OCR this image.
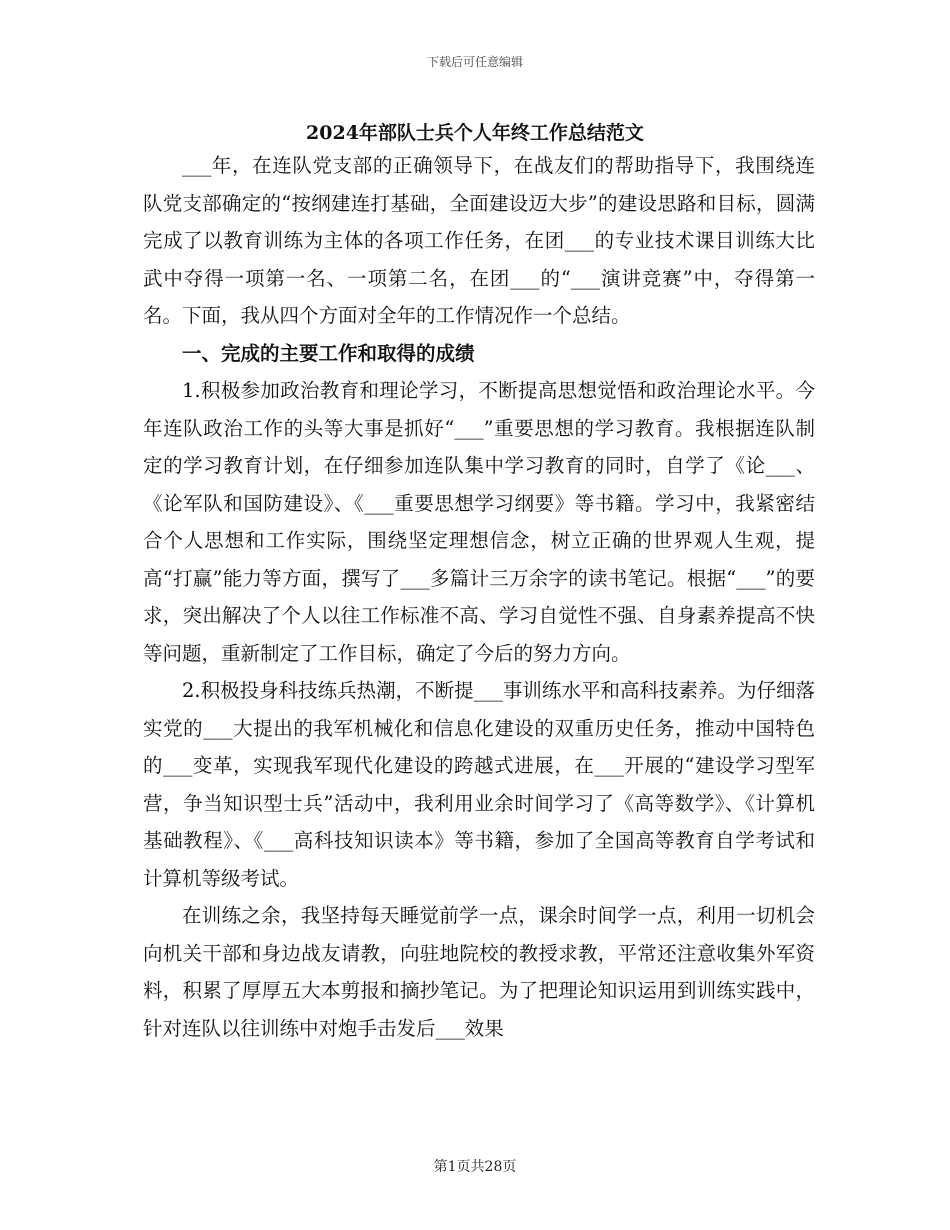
下载后可任意编辑
2024年部队士兵个人年终工作总结范文

___年，在连队党支部的正确领导下，在战友们的帮助指导下，我围绕连队党支部确定的“按纲建连打基础，全面建设迈大步”的建设思路和目标，圆满完成了以教育训练为主体的各项工作任务，在团___的专业技术课目训练大比武中夺得一项第一名、一项第二名，在团___的“___演讲竞赛”中，夺得第一名。下面，我从四个方面对全年的工作情况作一个总结。

一、完成的主要工作和取得的成绩

1.积极参加政治教育和理论学习，不断提高思想觉悟和政治理论水平。今年连队政治工作的头等大事是抓好“___”重要思想的学习教育。我根据连队制定的学习教育计划，在仔细参加连队集中学习教育的同时，自学了《论___、《论军队和国防建设》、《___重要思想学习纲要》等书籍。学习中，我紧密结合个人思想和工作实际，围绕坚定理想信念，树立正确的世界观人生观，提高“打赢”能力等方面，撰写了___多篇计三万余字的读书笔记。根据“___”的要求，突出解决了个人以往工作标准不高、学习自觉性不强、自身素养提高不快等问题，重新制定了工作目标，确定了今后的努力方向。

2.积极投身科技练兵热潮，不断提___事训练水平和高科技素养。为仔细落实党的___大提出的我军机械化和信息化建设的双重历史任务，推动中国特色的___变革，实现我军现代化建设的跨越式进展，在___开展的“建设学习型军营，争当知识型士兵”活动中，我利用业余时间学习了《高等数学》、《计算机基础教程》、《___高科技知识读本》等书籍，参加了全国高等教育自学考试和计算机等级考试。

在训练之余，我坚持每天睡觉前学一点，课余时间学一点，利用一切机会向机关干部和身边战友请教，向驻地院校的教授求教，平常还注意收集外军资料，积累了厚厚五大本剪报和摘抄笔记。为了把理论知识运用到训练实践中，针对连队以往训练中对炮手击发后___效果

第1页共28页
